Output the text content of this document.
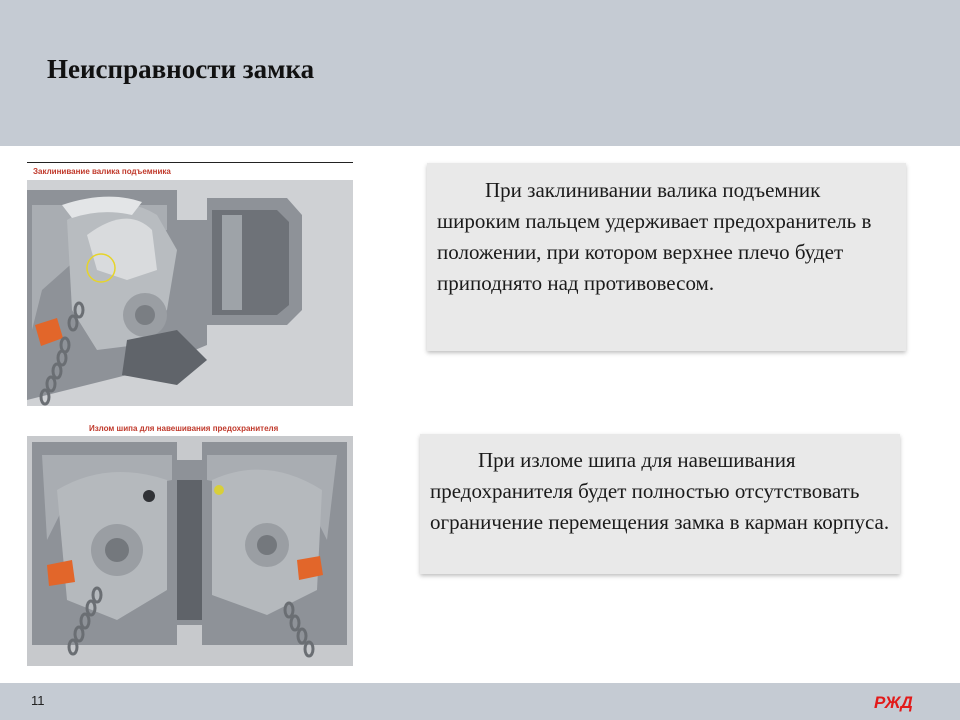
Неисправности замка
Заклинивание валика подъемника
Излом шипа для навешивания предохранителя

При заклинивании валика подъемник широким пальцем удерживает предохранитель в положении, при котором верхнее плечо будет приподнято над противовесом.

При изломе шипа для навешивания предохранителя будет полностью отсутствовать ограничение перемещения замка в карман корпуса.

11	РЖД
